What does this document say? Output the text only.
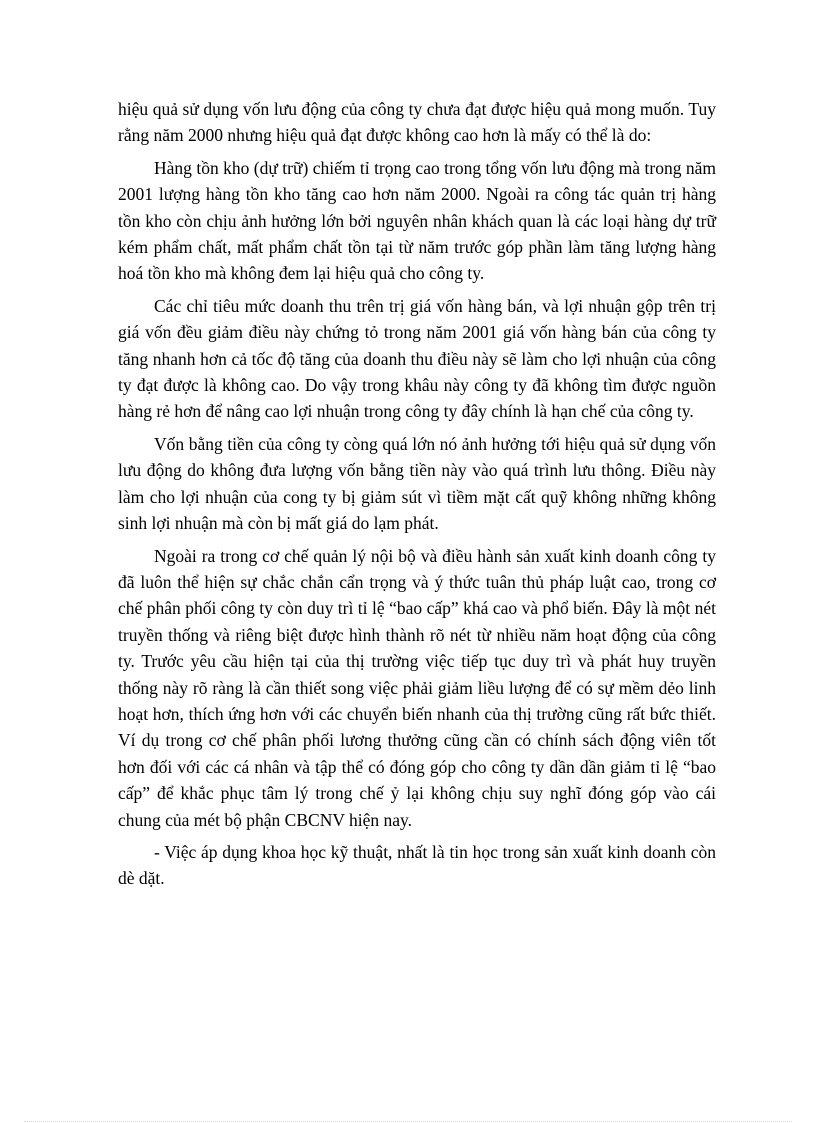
hiệu quả sử dụng vốn lưu động của công ty chưa đạt được hiệu quả mong muốn. Tuy rằng năm 2000 nhưng hiệu quả đạt được không cao hơn là mấy có thể là do:

Hàng tồn kho (dự trữ) chiếm tỉ trọng cao trong tổng vốn lưu động mà trong năm 2001 lượng hàng tồn kho tăng cao hơn năm 2000. Ngoài ra công tác quản trị hàng tồn kho còn chịu ảnh hưởng lớn bởi nguyên nhân khách quan là các loại hàng dự trữ kém phẩm chất, mất phẩm chất tồn tại từ năm trước góp phần làm tăng lượng hàng hoá tồn kho mà không đem lại hiệu quả cho công ty.

Các chỉ tiêu mức doanh thu trên trị giá vốn hàng bán, và lợi nhuận gộp trên trị giá vốn đều giảm điều này chứng tỏ trong năm 2001 giá vốn hàng bán của công ty tăng nhanh hơn cả tốc độ tăng của doanh thu điều này sẽ làm cho lợi nhuận của công ty đạt được là không cao. Do vậy trong khâu này công ty đã không tìm được nguồn hàng rẻ hơn để nâng cao lợi nhuận trong công ty đây chính là hạn chế của công ty.

Vốn bằng tiền của công ty còng quá lớn nó ảnh hưởng tới hiệu quả sử dụng vốn lưu động do không đưa lượng vốn bằng tiền này vào quá trình lưu thông. Điều này làm cho lợi nhuận của cong ty bị giảm sút vì tiềm mặt cất quỹ không những không sinh lợi nhuận mà còn bị mất giá do lạm phát.

Ngoài ra trong cơ chế quản lý nội bộ và điều hành sản xuất kinh doanh công ty đã luôn thể hiện sự chắc chắn cẩn trọng và ý thức tuân thủ pháp luật cao, trong cơ chế phân phối công ty còn duy trì tỉ lệ “bao cấp” khá cao và phổ biến. Đây là một nét truyền thống và riêng biệt được hình thành rõ nét từ nhiều năm hoạt động của công ty. Trước yêu cầu hiện tại của thị trường việc tiếp tục duy trì và phát huy truyền thống này rõ ràng là cần thiết song việc phải giảm liều lượng để có sự mềm dẻo linh hoạt hơn, thích ứng hơn với các chuyển biến nhanh của thị trường cũng rất bức thiết. Ví dụ trong cơ chế phân phối lương thưởng cũng cần có chính sách động viên tốt hơn đối với các cá nhân và tập thể có đóng góp cho công ty dần dần giảm tỉ lệ “bao cấp” để khắc phục tâm lý trong chế ỷ lại không chịu suy nghĩ đóng góp vào cái chung của mét bộ phận CBCNV hiện nay.

- Việc áp dụng khoa học kỹ thuật, nhất là tin học trong sản xuất kinh doanh còn dè dặt.
